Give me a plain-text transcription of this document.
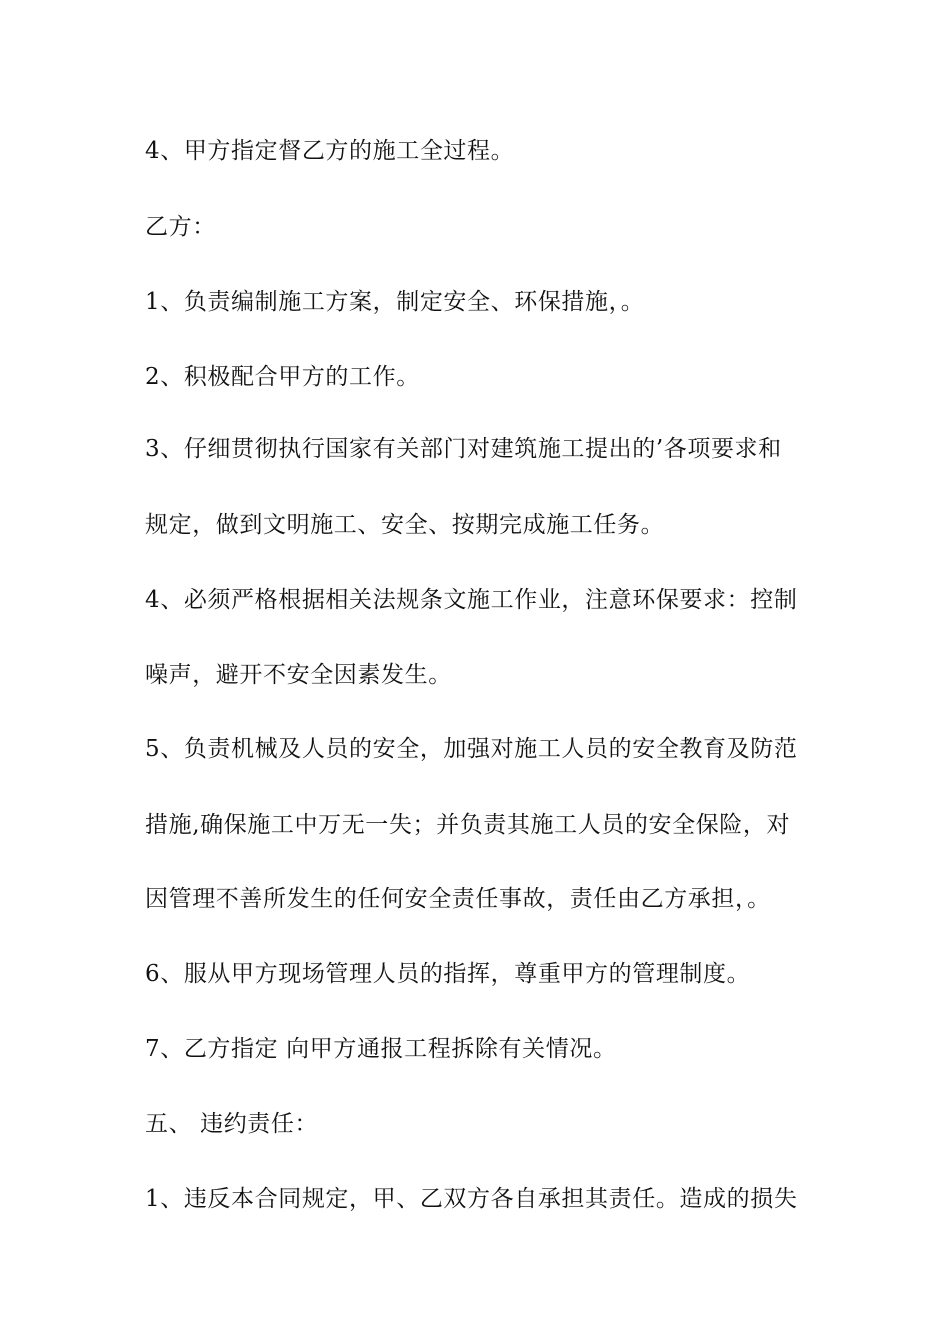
4、甲方指定督乙方的施工全过程。
乙方：
1、负责编制施工方案，制定安全、环保措施，。
2、积极配合甲方的工作。
3、仔细贯彻执行国家有关部门对建筑施工提出的’各项要求和
规定，做到文明施工、安全、按期完成施工任务。
4、必须严格根据相关法规条文施工作业，注意环保要求：控制
噪声，避开不安全因素发生。
5、负责机械及人员的安全，加强对施工人员的安全教育及防范
措施,确保施工中万无一失；并负责其施工人员的安全保险，对
因管理不善所发生的任何安全责任事故，责任由乙方承担，。
6、服从甲方现场管理人员的指挥，尊重甲方的管理制度。
7、乙方指定 向甲方通报工程拆除有关情况。
五、 违约责任：
1、违反本合同规定，甲、乙双方各自承担其责任。造成的损失
